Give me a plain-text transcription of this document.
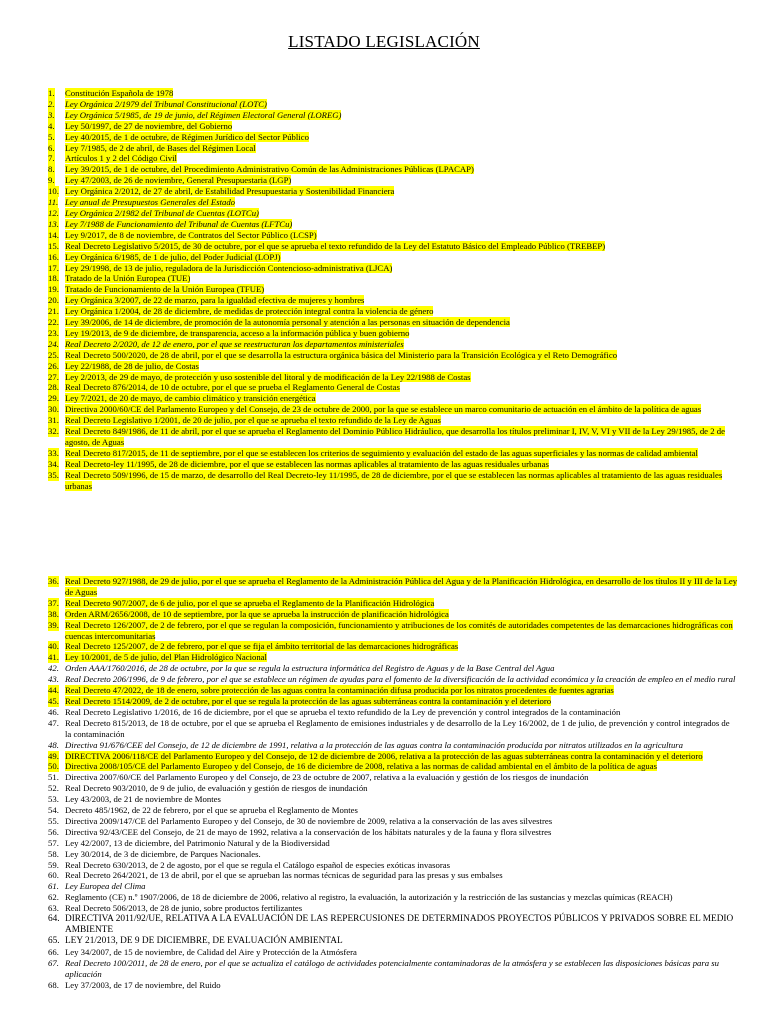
LISTADO LEGISLACIÓN
1. Constitución Española de 1978
2. Ley Orgánica 2/1979 del Tribunal Constitucional (LOTC)
3. Ley Orgánica 5/1985, de 19 de junio, del Régimen Electoral General (LOREG)
4. Ley 50/1997, de 27 de noviembre, del Gobierno
5. Ley 40/2015, de 1 de octubre, de Régimen Jurídico del Sector Público
6. Ley 7/1985, de 2 de abril, de Bases del Régimen Local
7. Artículos 1 y 2 del Código Civil
8. Ley 39/2015, de 1 de octubre, del Procedimiento Administrativo Común de las Administraciones Públicas (LPACAP)
9. Ley 47/2003, de 26 de noviembre, General Presupuestaria (LGP)
10. Ley Orgánica 2/2012, de 27 de abril, de Estabilidad Presupuestaria y Sostenibilidad Financiera
11. Ley anual de Presupuestos Generales del Estado
12. Ley Orgánica 2/1982 del Tribunal de Cuentas (LOTCu)
13. Ley 7/1988 de Funcionamiento del Tribunal de Cuentas (LFTCu)
14. Ley 9/2017, de 8 de noviembre, de Contratos del Sector Público (LCSP)
15. Real Decreto Legislativo 5/2015, de 30 de octubre, por el que se aprueba el texto refundido de la Ley del Estatuto Básico del Empleado Público (TREBEP)
16. Ley Orgánica 6/1985, de 1 de julio, del Poder Judicial (LOPJ)
17. Ley 29/1998, de 13 de julio, reguladora de la Jurisdicción Contencioso-administrativa (LJCA)
18. Tratado de la Unión Europea (TUE)
19. Tratado de Funcionamiento de la Unión Europea (TFUE)
20. Ley Orgánica 3/2007, de 22 de marzo, para la igualdad efectiva de mujeres y hombres
21. Ley Orgánica 1/2004, de 28 de diciembre, de medidas de protección integral contra la violencia de género
22. Ley 39/2006, de 14 de diciembre, de promoción de la autonomía personal y atención a las personas en situación de dependencia
23. Ley 19/2013, de 9 de diciembre, de transparencia, acceso a la información pública y buen gobierno
24. Real Decreto 2/2020, de 12 de enero, por el que se reestructuran los departamentos ministeriales
25. Real Decreto 500/2020, de 28 de abril, por el que se desarrolla la estructura orgánica básica del Ministerio para la Transición Ecológica y el Reto Demográfico
26. Ley 22/1988, de 28 de julio, de Costas
27. Ley 2/2013, de 29 de mayo, de protección y uso sostenible del litoral y de modificación de la Ley 22/1988 de Costas
28. Real Decreto 876/2014, de 10 de octubre, por el que se prueba el Reglamento General de Costas
29. Ley 7/2021, de 20 de mayo, de cambio climático y transición energética
30. Directiva 2000/60/CE del Parlamento Europeo y del Consejo, de 23 de octubre de 2000, por la que se establece un marco comunitario de actuación en el ámbito de la política de aguas
31. Real Decreto Legislativo 1/2001, de 20 de julio, por el que se aprueba el texto refundido de la Ley de Aguas
32. Real Decreto 849/1986, de 11 de abril, por el que se aprueba el Reglamento del Dominio Público Hidráulico, que desarrolla los títulos preliminar I, IV, V, VI y VII de la Ley 29/1985, de 2 de agosto, de Aguas
33. Real Decreto 817/2015, de 11 de septiembre, por el que se establecen los criterios de seguimiento y evaluación del estado de las aguas superficiales y las normas de calidad ambiental
34. Real Decreto-ley 11/1995, de 28 de diciembre, por el que se establecen las normas aplicables al tratamiento de las aguas residuales urbanas
35. Real Decreto 509/1996, de 15 de marzo, de desarrollo del Real Decreto-ley 11/1995, de 28 de diciembre, por el que se establecen las normas aplicables al tratamiento de las aguas residuales urbanas
36. Real Decreto 927/1988, de 29 de julio, por el que se aprueba el Reglamento de la Administración Pública del Agua y de la Planificación Hidrológica, en desarrollo de los títulos II y III de la Ley de Aguas
37. Real Decreto 907/2007, de 6 de julio, por el que se aprueba el Reglamento de la Planificación Hidrológica
38. Orden ARM/2656/2008, de 10 de septiembre, por la que se aprueba la instrucción de planificación hidrológica
39. Real Decreto 126/2007, de 2 de febrero, por el que se regulan la composición, funcionamiento y atribuciones de los comités de autoridades competentes de las demarcaciones hidrográficas con cuencas intercomunitarias
40. Real Decreto 125/2007, de 2 de febrero, por el que se fija el ámbito territorial de las demarcaciones hidrográficas
41. Ley 10/2001, de 5 de julio, del Plan Hidrológico Nacional
42. Orden AAA/1760/2016, de 28 de octubre, por la que se regula la estructura informática del Registro de Aguas y de la Base Central del Agua
43. Real Decreto 206/1996, de 9 de febrero, por el que se establece un régimen de ayudas para el fomento de la diversificación de la actividad económica y la creación de empleo en el medio rural
44. Real Decreto 47/2022, de 18 de enero, sobre protección de las aguas contra la contaminación difusa producida por los nitratos procedentes de fuentes agrarias
45. Real Decreto 1514/2009, de 2 de octubre, por el que se regula la protección de las aguas subterráneas contra la contaminación y el deterioro
46. Real Decreto Legislativo 1/2016, de 16 de diciembre, por el que se aprueba el texto refundido de la Ley de prevención y control integrados de la contaminación
47. Real Decreto 815/2013, de 18 de octubre, por el que se aprueba el Reglamento de emisiones industriales y de desarrollo de la Ley 16/2002, de 1 de julio, de prevención y control integrados de la contaminación
48. Directiva 91/676/CEE del Consejo, de 12 de diciembre de 1991, relativa a la protección de las aguas contra la contaminación producida por nitratos utilizados en la agricultura
49. DIRECTIVA 2006/118/CE del Parlamento Europeo y del Consejo, de 12 de diciembre de 2006, relativa a la protección de las aguas subterráneas contra la contaminación y el deterioro
50. Directiva 2008/105/CE del Parlamento Europeo y del Consejo, de 16 de diciembre de 2008, relativa a las normas de calidad ambiental en el ámbito de la política de aguas
51. Directiva 2007/60/CE del Parlamento Europeo y del Consejo, de 23 de octubre de 2007, relativa a la evaluación y gestión de los riesgos de inundación
52. Real Decreto 903/2010, de 9 de julio, de evaluación y gestión de riesgos de inundación
53. Ley 43/2003, de 21 de noviembre de Montes
54. Decreto 485/1962, de 22 de febrero, por el que se aprueba el Reglamento de Montes
55. Directiva 2009/147/CE del Parlamento Europeo y del Consejo, de 30 de noviembre de 2009, relativa a la conservación de las aves silvestres
56. Directiva 92/43/CEE del Consejo, de 21 de mayo de 1992, relativa a la conservación de los hábitats naturales y de la fauna y flora silvestres
57. Ley 42/2007, 13 de diciembre, del Patrimonio Natural y de la Biodiversidad
58. Ley 30/2014, de 3 de diciembre, de Parques Nacionales.
59. Real Decreto 630/2013, de 2 de agosto, por el que se regula el Catálogo español de especies exóticas invasoras
60. Real Decreto 264/2021, de 13 de abril, por el que se aprueban las normas técnicas de seguridad para las presas y sus embalses
61. Ley Europea del Clima
62. Reglamento (CE) n.º 1907/2006, de 18 de diciembre de 2006, relativo al registro, la evaluación, la autorización y la restricción de las sustancias y mezclas químicas (REACH)
63. Real Decreto 506/2013, de 28 de junio, sobre productos fertilizantes
64. DIRECTIVA 2011/92/UE, RELATIVA A LA EVALUACIÓN DE LAS REPERCUSIONES DE DETERMINADOS PROYECTOS PÚBLICOS Y PRIVADOS SOBRE EL MEDIO AMBIENTE
65. LEY 21/2013, DE 9 DE DICIEMBRE, DE EVALUACIÓN AMBIENTAL
66. Ley 34/2007, de 15 de noviembre, de Calidad del Aire y Protección de la Atmósfera
67. Real Decreto 100/2011, de 28 de enero, por el que se actualiza el catálogo de actividades potencialmente contaminadoras de la atmósfera y se establecen las disposiciones básicas para su aplicación
68. Ley 37/2003, de 17 de noviembre, del Ruido
